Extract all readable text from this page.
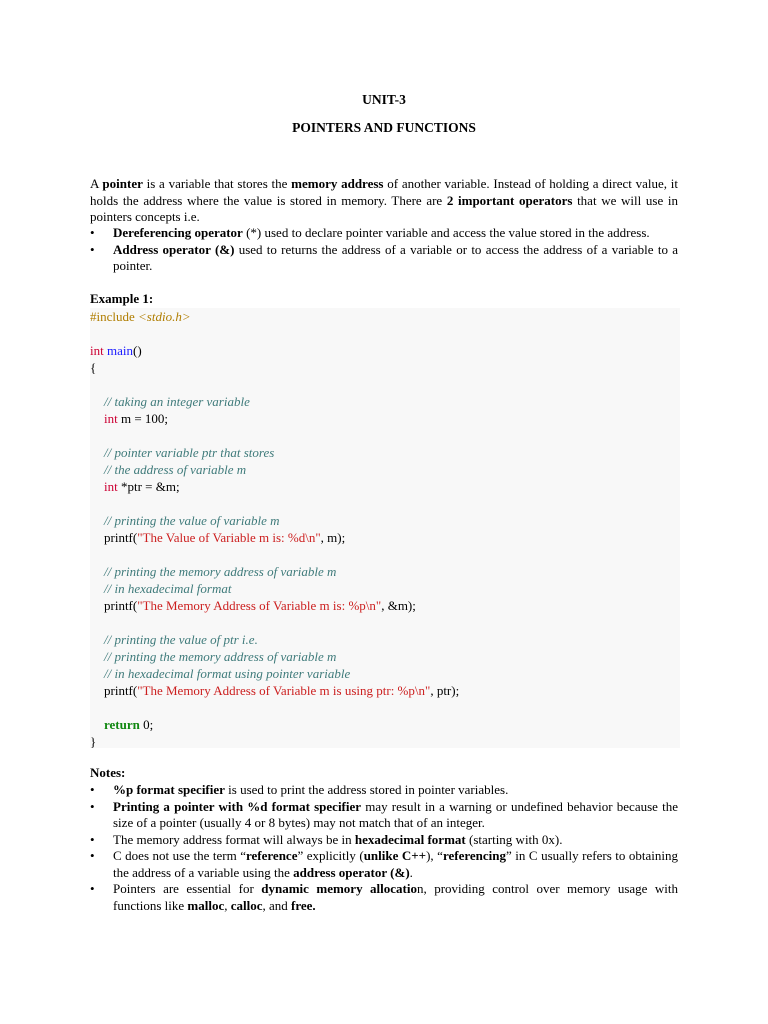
UNIT-3
POINTERS AND FUNCTIONS
A pointer is a variable that stores the memory address of another variable. Instead of holding a direct value, it holds the address where the value is stored in memory. There are 2 important operators that we will use in pointers concepts i.e.
• Dereferencing operator (*) used to declare pointer variable and access the value stored in the address.
• Address operator (&) used to returns the address of a variable or to access the address of a variable to a pointer.
Example 1:
#include <stdio.h>
int main()
{
// taking an integer variable
int m = 100;
// pointer variable ptr that stores
// the address of variable m
int *ptr = &m;
// printing the value of variable m
printf("The Value of Variable m is: %d\n", m);
// printing the memory address of variable m
// in hexadecimal format
printf("The Memory Address of Variable m is: %p\n", &m);
// printing the value of ptr i.e.
// printing the memory address of variable m
// in hexadecimal format using pointer variable
printf("The Memory Address of Variable m is using ptr: %p\n", ptr);
return 0;
}
Notes:
• %p format specifier is used to print the address stored in pointer variables.
• Printing a pointer with %d format specifier may result in a warning or undefined behavior because the size of a pointer (usually 4 or 8 bytes) may not match that of an integer.
• The memory address format will always be in hexadecimal format (starting with 0x).
• C does not use the term “reference” explicitly (unlike C++), “referencing” in C usually refers to obtaining the address of a variable using the address operator (&).
• Pointers are essential for dynamic memory allocation, providing control over memory usage with functions like malloc, calloc, and free.
